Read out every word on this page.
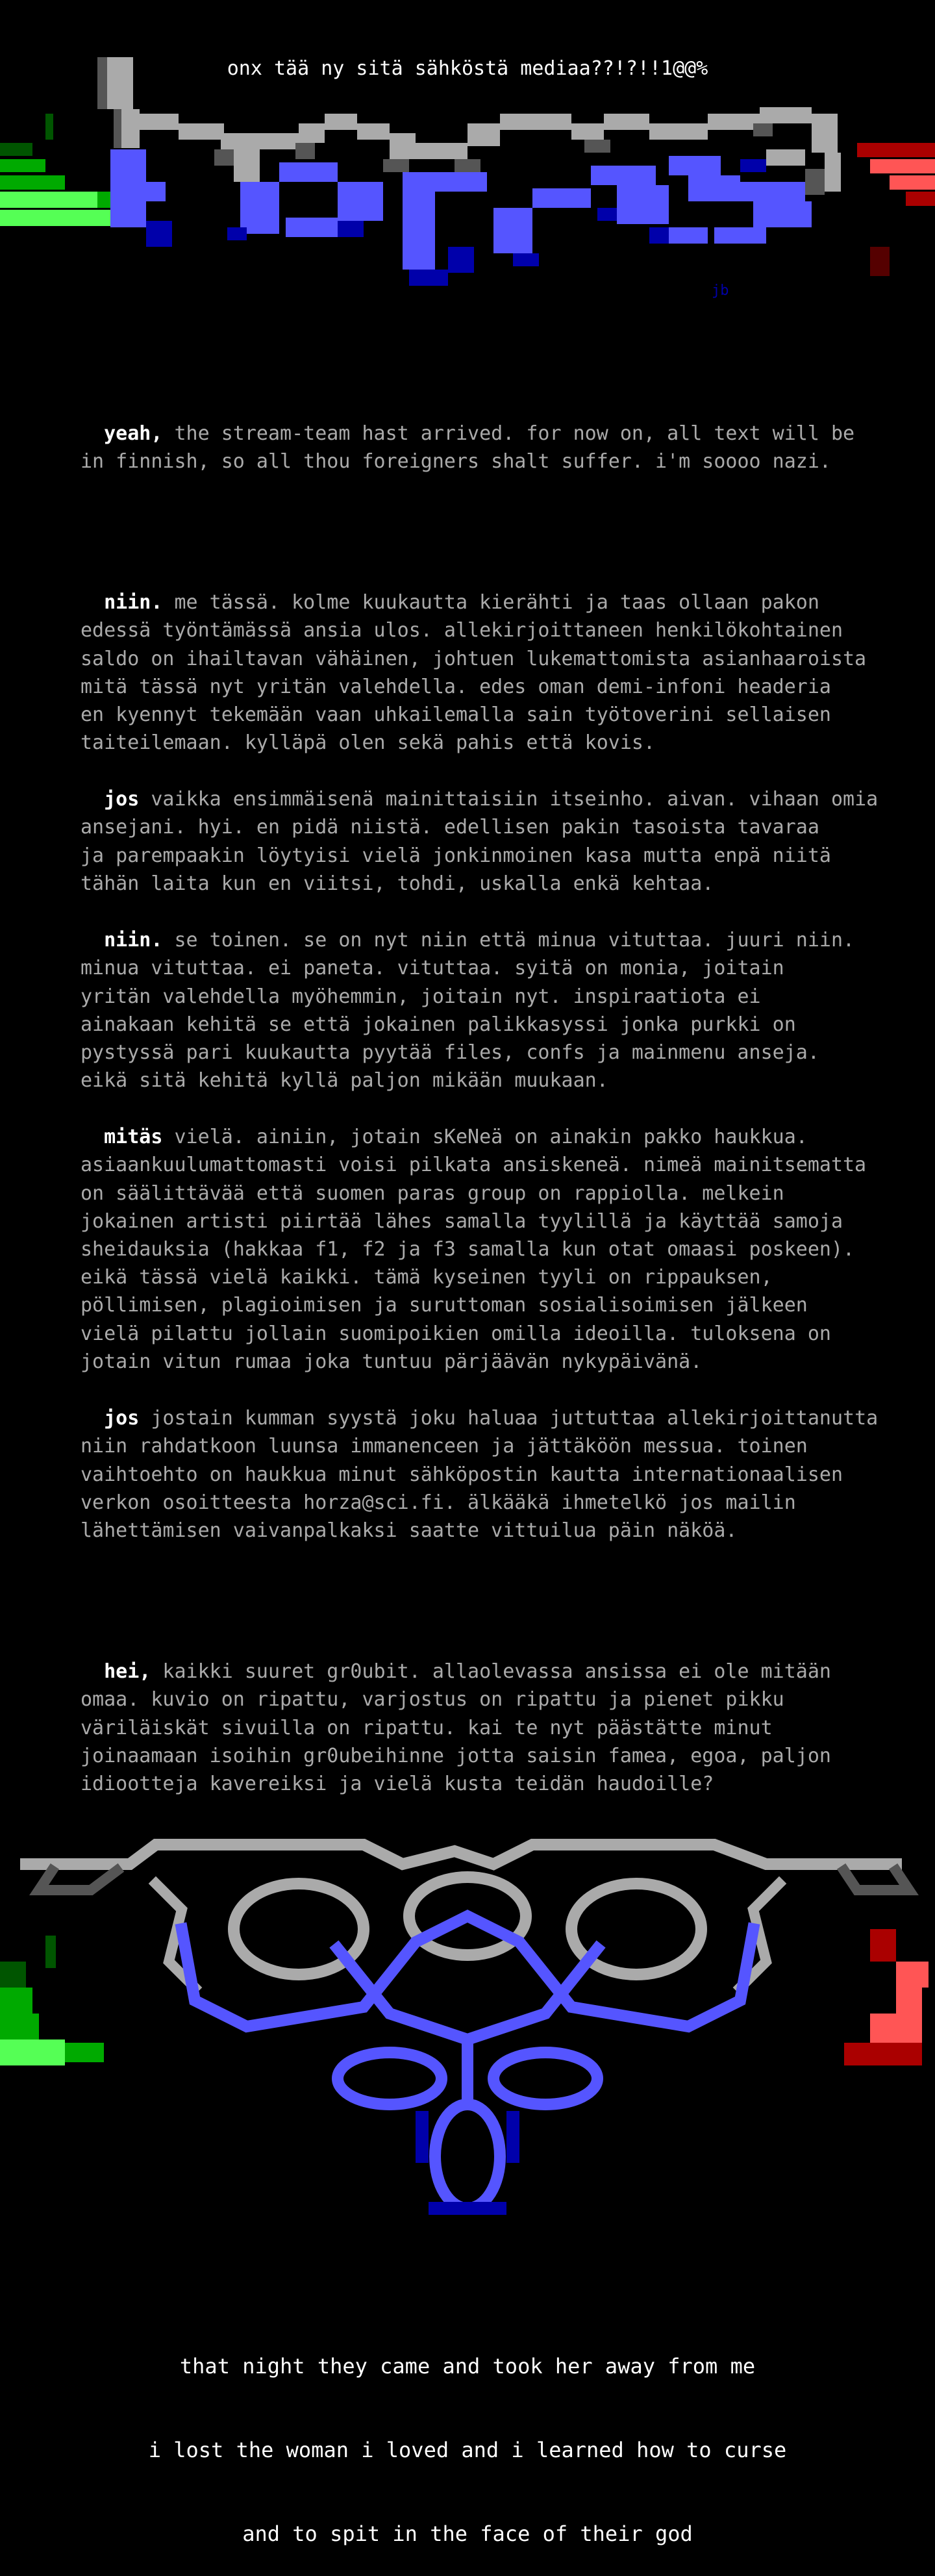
onx tää ny sitä sähköstä mediaa??!?!!1@@%
jb

yeah, the stream-team hast arrived. for now on, all text will be
in finnish, so all thou foreigners shalt suffer. i'm soooo nazi.

niin. me tässä. kolme kuukautta kierähti ja taas ollaan pakon
edessä työntämässä ansia ulos. allekirjoittaneen henkilökohtainen
saldo on ihailtavan vähäinen, johtuen lukemattomista asianhaaroista
mitä tässä nyt yritän valehdella. edes oman demi-infoni headeria
en kyennyt tekemään vaan uhkailemalla sain työtoverini sellaisen
taiteilemaan. kylläpä olen sekä pahis että kovis.

jos vaikka ensimmäisenä mainittaisiin itseinho. aivan. vihaan omia
ansejani. hyi. en pidä niistä. edellisen pakin tasoista tavaraa
ja parempaakin löytyisi vielä jonkinmoinen kasa mutta enpä niitä
tähän laita kun en viitsi, tohdi, uskalla enkä kehtaa.

niin. se toinen. se on nyt niin että minua vituttaa. juuri niin.
minua vituttaa. ei paneta. vituttaa. syitä on monia, joitain
yritän valehdella myöhemmin, joitain nyt. inspiraatiota ei
ainakaan kehitä se että jokainen palikkasyssi jonka purkki on
pystyssä pari kuukautta pyytää files, confs ja mainmenu anseja.
eikä sitä kehitä kyllä paljon mikään muukaan.

mitäs vielä. ainiin, jotain sKeNeä on ainakin pakko haukkua.
asiaankuulumattomasti voisi pilkata ansiskeneä. nimeä mainitsematta
on säälittävää että suomen paras group on rappiolla. melkein
jokainen artisti piirtää lähes samalla tyylillä ja käyttää samoja
sheidauksia (hakkaa f1, f2 ja f3 samalla kun otat omaasi poskeen).
eikä tässä vielä kaikki. tämä kyseinen tyyli on rippauksen,
pöllimisen, plagioimisen ja suruttoman sosialisoimisen jälkeen
vielä pilattu jollain suomipoikien omilla ideoilla. tuloksena on
jotain vitun rumaa joka tuntuu pärjäävän nykypäivänä.

jos jostain kumman syystä joku haluaa juttuttaa allekirjoittanutta
niin rahdatkoon luunsa immanenceen ja jättäköön messua. toinen
vaihtoehto on haukkua minut sähköpostin kautta internationaalisen
verkon osoitteesta horza@sci.fi. älkääkä ihmetelkö jos mailin
lähettämisen vaivanpalkaksi saatte vittuilua päin näköä.

hei, kaikki suuret gr0ubit. allaolevassa ansissa ei ole mitään
omaa. kuvio on ripattu, varjostus on ripattu ja pienet pikku
väriläiskät sivuilla on ripattu. kai te nyt päästätte minut
joinaamaan isoihin gr0ubeihinne jotta saisin famea, egoa, paljon
idiootteja kavereiksi ja vielä kusta teidän haudoille?

that night they came and took her away from me

i lost the woman i loved and i learned how to curse

and to spit in the face of their god
